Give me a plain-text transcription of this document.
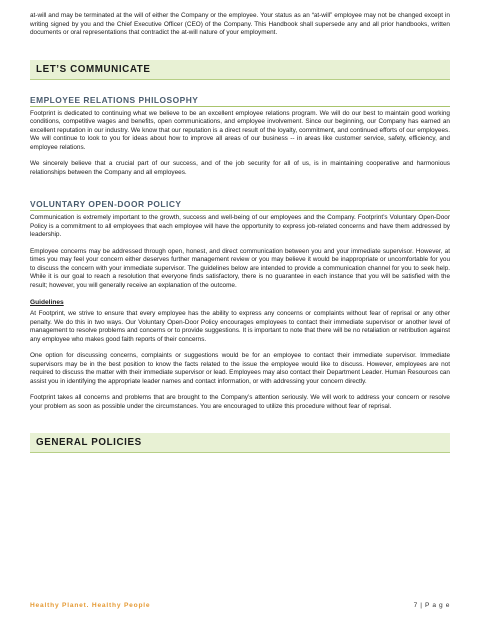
at-will and may be terminated at the will of either the Company or the employee. Your status as an “at-will” employee may not be changed except in writing signed by you and the Chief Executive Officer (CEO) of the Company. This Handbook shall supersede any and all prior handbooks, written documents or oral representations that contradict the at-will nature of your employment.

LET’S COMMUNICATE
EMPLOYEE RELATIONS PHILOSOPHY

Footprint is dedicated to continuing what we believe to be an excellent employee relations program. We will do our best to maintain good working conditions, competitive wages and benefits, open communications, and employee involvement. Since our beginning, our Company has earned an excellent reputation in our industry. We know that our reputation is a direct result of the loyalty, commitment, and continued efforts of our employees. We will continue to look to you for ideas about how to improve all areas of our business -- in areas like customer service, safety, efficiency, and employee relations.

We sincerely believe that a crucial part of our success, and of the job security for all of us, is in maintaining cooperative and harmonious relationships between the Company and all employees.

VOLUNTARY OPEN-DOOR POLICY

Communication is extremely important to the growth, success and well-being of our employees and the Company. Footprint’s Voluntary Open-Door Policy is a commitment to all employees that each employee will have the opportunity to express job-related concerns and have them addressed by leadership.

Employee concerns may be addressed through open, honest, and direct communication between you and your immediate supervisor. However, at times you may feel your concern either deserves further management review or you may believe it would be inappropriate or uncomfortable for you to discuss the concern with your immediate supervisor. The guidelines below are intended to provide a communication channel for you to seek help. While it is our goal to reach a resolution that everyone finds satisfactory, there is no guarantee in each instance that you will be satisfied with the result; however, you will generally receive an explanation of the outcome.

Guidelines

At Footprint, we strive to ensure that every employee has the ability to express any concerns or complaints without fear of reprisal or any other penalty. We do this in two ways. Our Voluntary Open-Door Policy encourages employees to contact their immediate supervisor or another level of management to resolve problems and concerns or to provide suggestions. It is important to note that there will be no retaliation or retribution against any employee who makes good faith reports of their concerns.

One option for discussing concerns, complaints or suggestions would be for an employee to contact their immediate supervisor. Immediate supervisors may be in the best position to know the facts related to the issue the employee would like to discuss. However, employees are not required to discuss the matter with their immediate supervisor or lead. Employees may also contact their Department Leader. Human Resources can assist you in identifying the appropriate leader names and contact information, or with addressing your concern directly.

Footprint takes all concerns and problems that are brought to the Company’s attention seriously. We will work to address your concern or resolve your problem as soon as possible under the circumstances. You are encouraged to utilize this procedure without fear of reprisal.

GENERAL POLICIES
Healthy Planet. Healthy People	7 | P a g e
